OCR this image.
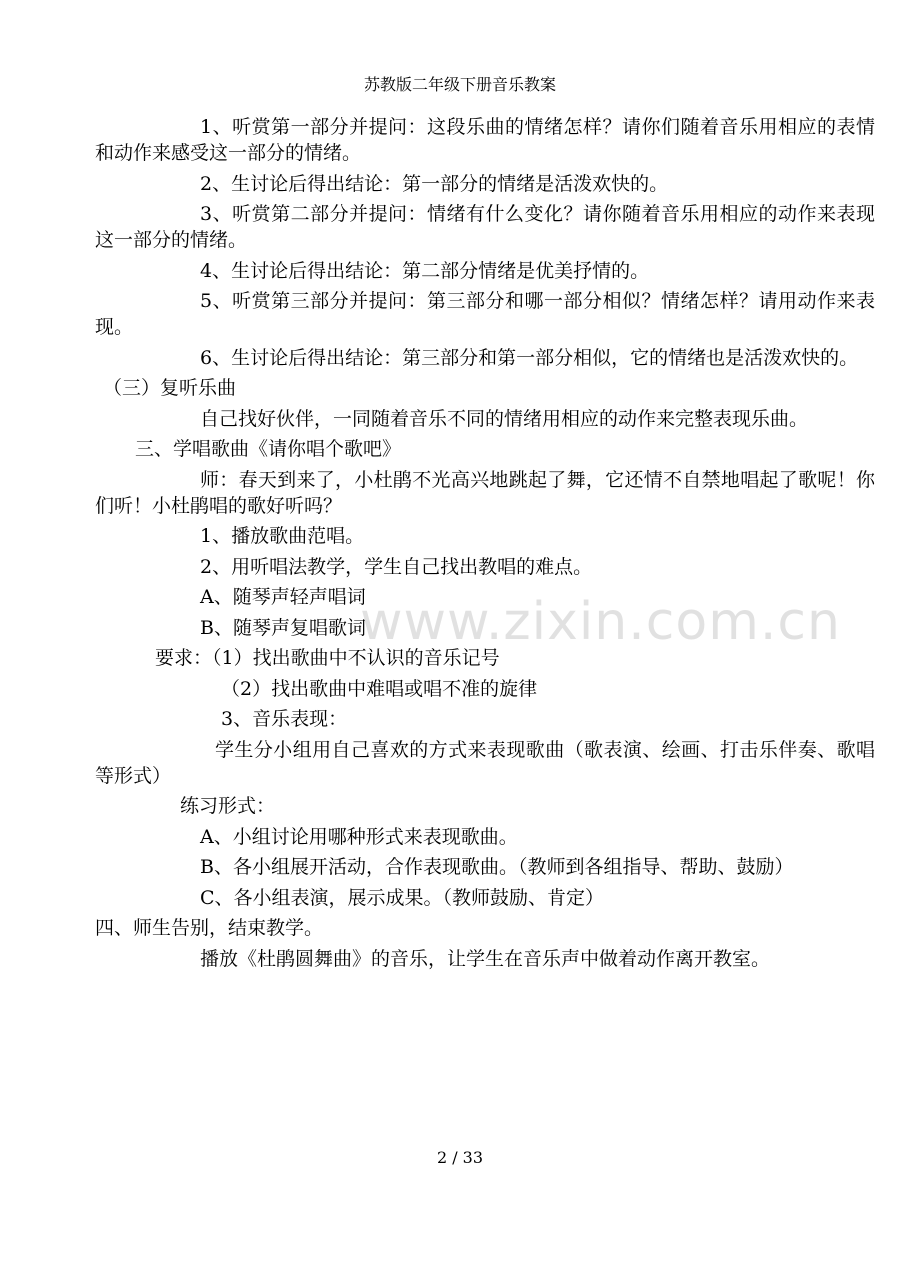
苏教版二年级下册音乐教案

1、听赏第一部分并提问：这段乐曲的情绪怎样？请你们随着音乐用相应的表情和动作来感受这一部分的情绪。

2、生讨论后得出结论：第一部分的情绪是活泼欢快的。

3、听赏第二部分并提问：情绪有什么变化？请你随着音乐用相应的动作来表现这一部分的情绪。

4、生讨论后得出结论：第二部分情绪是优美抒情的。

5、听赏第三部分并提问：第三部分和哪一部分相似？情绪怎样？请用动作来表现。

6、生讨论后得出结论：第三部分和第一部分相似，它的情绪也是活泼欢快的。

（三）复听乐曲

自己找好伙伴，一同随着音乐不同的情绪用相应的动作来完整表现乐曲。

三、学唱歌曲《请你唱个歌吧》

师：春天到来了，小杜鹃不光高兴地跳起了舞，它还情不自禁地唱起了歌呢！你们听！小杜鹃唱的歌好听吗？

1、播放歌曲范唱。

2、用听唱法教学，学生自己找出教唱的难点。

A、随琴声轻声唱词

B、随琴声复唱歌词

要求：（1）找出歌曲中不认识的音乐记号

（2）找出歌曲中难唱或唱不准的旋律

3、音乐表现：

学生分小组用自己喜欢的方式来表现歌曲（歌表演、绘画、打击乐伴奏、歌唱等形式）

练习形式：

A、小组讨论用哪种形式来表现歌曲。

B、各小组展开活动，合作表现歌曲。（教师到各组指导、帮助、鼓励）

C、各小组表演，展示成果。（教师鼓励、肯定）

四、师生告别，结束教学。

播放《杜鹃圆舞曲》的音乐，让学生在音乐声中做着动作离开教室。

www.zixin.com.cn
2 / 33
